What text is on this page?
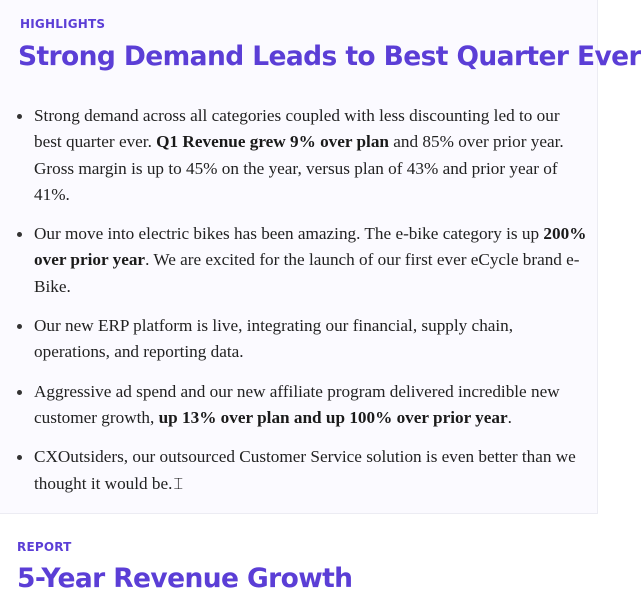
HIGHLIGHTS
Strong Demand Leads to Best Quarter Ever
Strong demand across all categories coupled with less discounting led to our best quarter ever. Q1 Revenue grew 9% over plan and 85% over prior year. Gross margin is up to 45% on the year, versus plan of 43% and prior year of 41%.
Our move into electric bikes has been amazing. The e-bike category is up 200% over prior year. We are excited for the launch of our first ever eCycle brand e-Bike.
Our new ERP platform is live, integrating our financial, supply chain, operations, and reporting data.
Aggressive ad spend and our new affiliate program delivered incredible new customer growth, up 13% over plan and up 100% over prior year.
CXOutsiders, our outsourced Customer Service solution is even better than we thought it would be.⌶
REPORT
5-Year Revenue Growth
